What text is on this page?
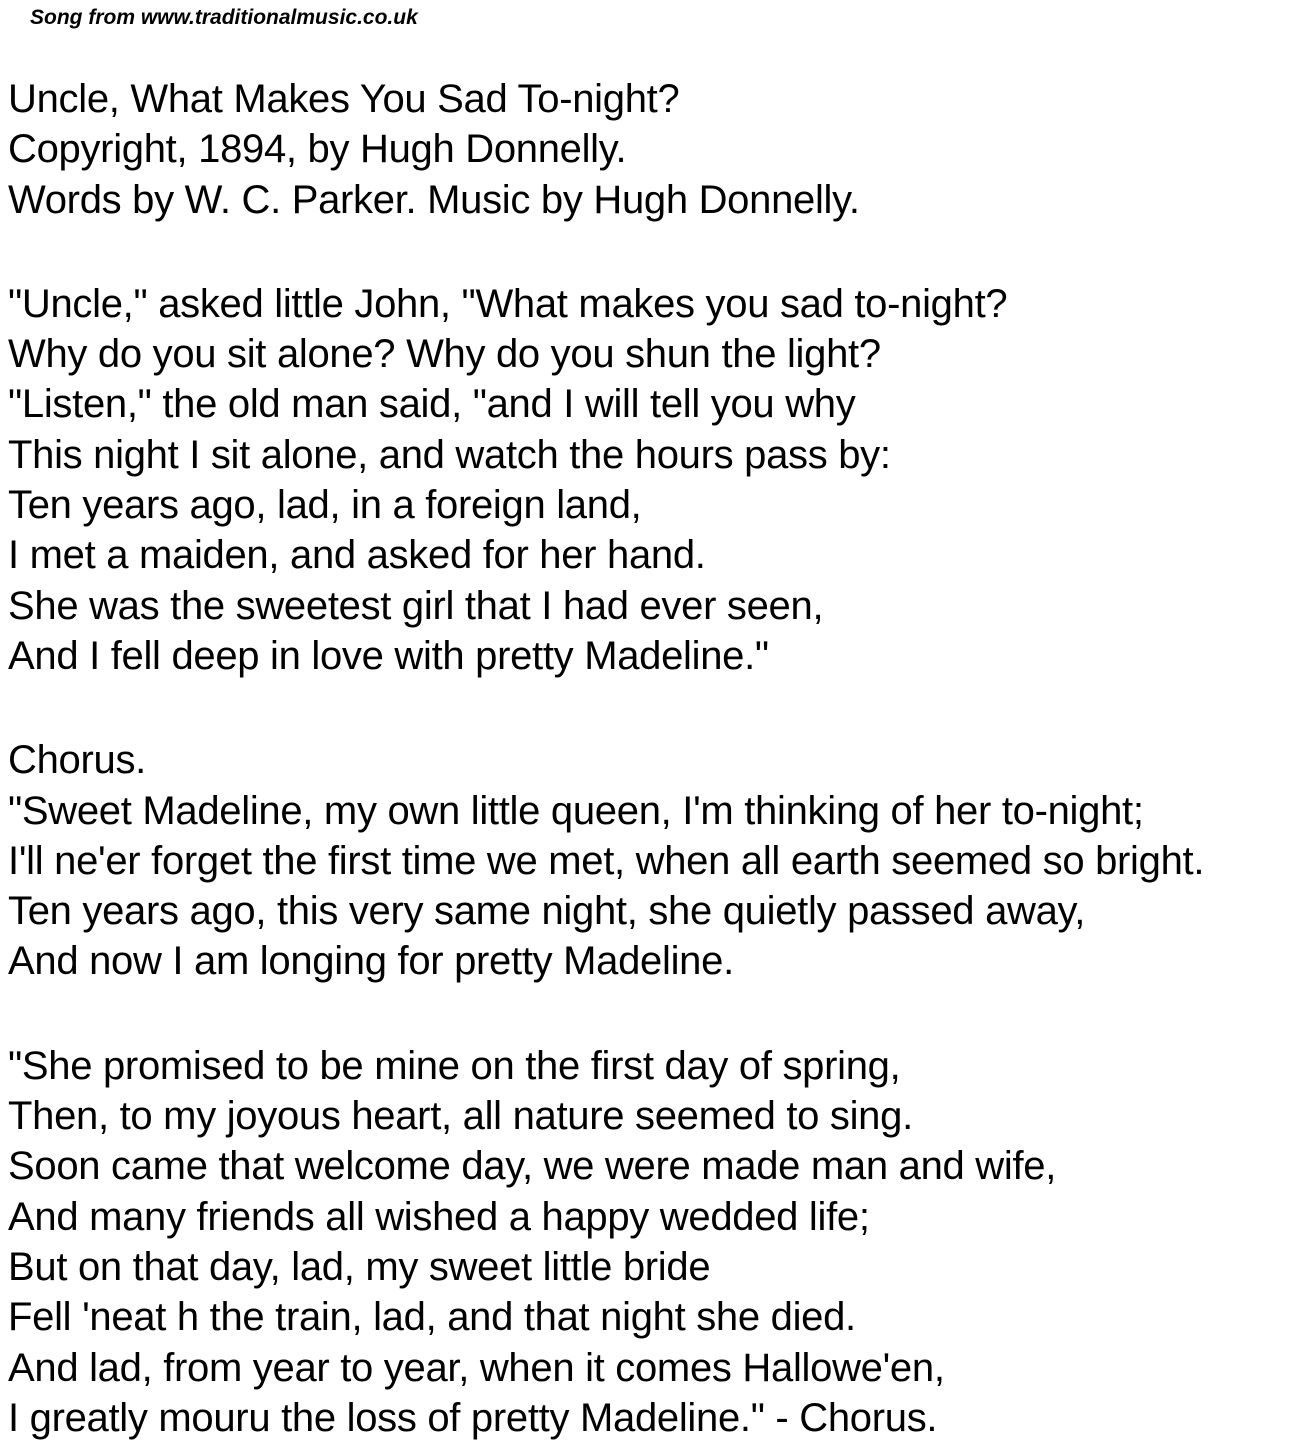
Song from www.traditionalmusic.co.uk
Uncle, What Makes You Sad To-night?
Copyright, 1894, by Hugh Donnelly.
Words by W. C. Parker. Music by Hugh Donnelly.
"Uncle," asked little John, "What makes you sad to-night?
Why do you sit alone? Why do you shun the light?
"Listen," the old man said, "and I will tell you why
This night I sit alone, and watch the hours pass by:
Ten years ago, lad, in a foreign land,
I met a maiden, and asked for her hand.
She was the sweetest girl that I had ever seen,
And I fell deep in love with pretty Madeline."
Chorus.
"Sweet Madeline, my own little queen, I'm thinking of her to-night;
I'll ne'er forget the first time we met, when all earth seemed so bright.
Ten years ago, this very same night, she quietly passed away,
And now I am longing for pretty Madeline.
"She promised to be mine on the first day of spring,
Then, to my joyous heart, all nature seemed to sing.
Soon came that welcome day, we were made man and wife,
And many friends all wished a happy wedded life;
But on that day, lad, my sweet little bride
Fell 'neat h the train, lad, and that night she died.
And lad, from year to year, when it comes Hallowe'en,
I greatly mouru the loss of pretty Madeline." - Chorus.
